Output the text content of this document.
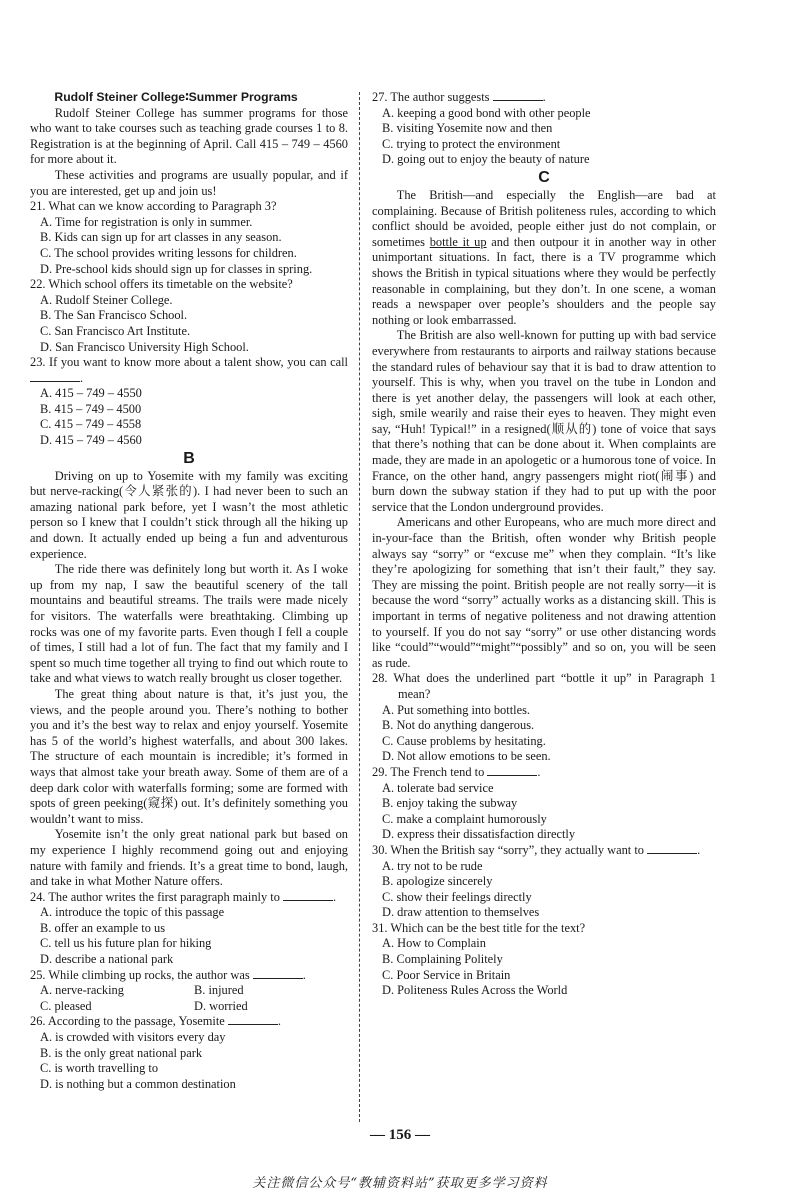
Rudolf Steiner College∶Summer Programs

Rudolf Steiner College has summer programs for those who want to take courses such as teaching grade courses 1 to 8. Registration is at the beginning of April. Call 415 – 749 – 4560 for more about it.

These activities and programs are usually popular, and if you are interested, get up and join us!

21. What can we know according to Paragraph 3?

A. Time for registration is only in summer.

B. Kids can sign up for art classes in any season.

C. The school provides writing lessons for children.

D. Pre-school kids should sign up for classes in spring.

22. Which school offers its timetable on the website?

A. Rudolf Steiner College.

B. The San Francisco School.

C. San Francisco Art Institute.

D. San Francisco University High School.

23. If you want to know more about a talent show, you can call .

A. 415 – 749 – 4550

B. 415 – 749 – 4500

C. 415 – 749 – 4558

D. 415 – 749 – 4560

B

Driving on up to Yosemite with my family was exciting but nerve-racking(令人紧张的). I had never been to such an amazing national park before, yet I wasn’t the most athletic person so I knew that I couldn’t stick through all the hiking up and down. It actually ended up being a fun and adventurous experience.

The ride there was definitely long but worth it. As I woke up from my nap, I saw the beautiful scenery of the tall mountains and beautiful streams. The trails were made nicely for visitors. The waterfalls were breathtaking. Climbing up rocks was one of my favorite parts. Even though I fell a couple of times, I still had a lot of fun. The fact that my family and I spent so much time together all trying to find out which route to take and what views to watch really brought us closer together.

The great thing about nature is that, it’s just you, the views, and the people around you. There’s nothing to bother you and it’s the best way to relax and enjoy yourself. Yosemite has 5 of the world’s highest waterfalls, and about 300 lakes. The structure of each mountain is incredible; it’s formed in ways that almost take your breath away. Some of them are of a deep dark color with waterfalls forming; some are formed with spots of green peeking(窥探) out. It’s definitely something you wouldn’t want to miss.

Yosemite isn’t the only great national park but based on my experience I highly recommend going out and enjoying nature with family and friends. It’s a great time to bond, laugh, and take in what Mother Nature offers.

24. The author writes the first paragraph mainly to	.

A. introduce the topic of this passage

B. offer an example to us

C. tell us his future plan for hiking

D. describe a national park

25. While climbing up rocks, the author was	.

A. nerve-racking	B. injured

C. pleased	D. worried

26. According to the passage, Yosemite	.

A. is crowded with visitors every day

B. is the only great national park

C. is worth travelling to

D. is nothing but a common destination

27. The author suggests	.

A. keeping a good bond with other people

B. visiting Yosemite now and then

C. trying to protect the environment

D. going out to enjoy the beauty of nature

C

The British—and especially the English—are bad at complaining. Because of British politeness rules, according to which conflict should be avoided, people either just do not complain, or sometimes bottle it up and then outpour it in another way in other unimportant situations. In fact, there is a TV programme which shows the British in typical situations where they would be perfectly reasonable in complaining, but they don’t. In one scene, a woman reads a newspaper over people’s shoulders and the people say nothing or look embarrassed.

The British are also well-known for putting up with bad service everywhere from restaurants to airports and railway stations because the standard rules of behaviour say that it is bad to draw attention to yourself. This is why, when you travel on the tube in London and there is yet another delay, the passengers will look at each other, sigh, smile wearily and raise their eyes to heaven. They might even say, “Huh! Typical!” in a resigned(顺从的) tone of voice that says that there’s nothing that can be done about it. When complaints are made, they are made in an apologetic or a humorous tone of voice. In France, on the other hand, angry passengers might riot(闹事) and burn down the subway station if they had to put up with the poor service that the London underground provides.

Americans and other Europeans, who are much more direct and in-your-face than the British, often wonder why British people always say “sorry” or “excuse me” when they complain. “It’s like they’re apologizing for something that isn’t their fault,” they say. They are missing the point. British people are not really sorry—it is because the word “sorry” actually works as a distancing skill. This is important in terms of negative politeness and not drawing attention to yourself. If you do not say “sorry” or use other distancing words like “could”“would”“might”“possibly” and so on, you will be seen as rude.

28. What does the underlined part “bottle it up” in Paragraph 1 mean?

A. Put something into bottles.

B. Not do anything dangerous.

C. Cause problems by hesitating.

D. Not allow emotions to be seen.

29. The French tend to	.

A. tolerate bad service

B. enjoy taking the subway

C. make a complaint humorously

D. express their dissatisfaction directly

30. When the British say “sorry”, they actually want to	.

A. try not to be rude

B. apologize sincerely

C. show their feelings directly

D. draw attention to themselves

31. Which can be the best title for the text?

A. How to Complain

B. Complaining Politely

C. Poor Service in Britain

D. Politeness Rules Across the World

— 156 —
关注微信公众号“教辅资料站”获取更多学习资料
